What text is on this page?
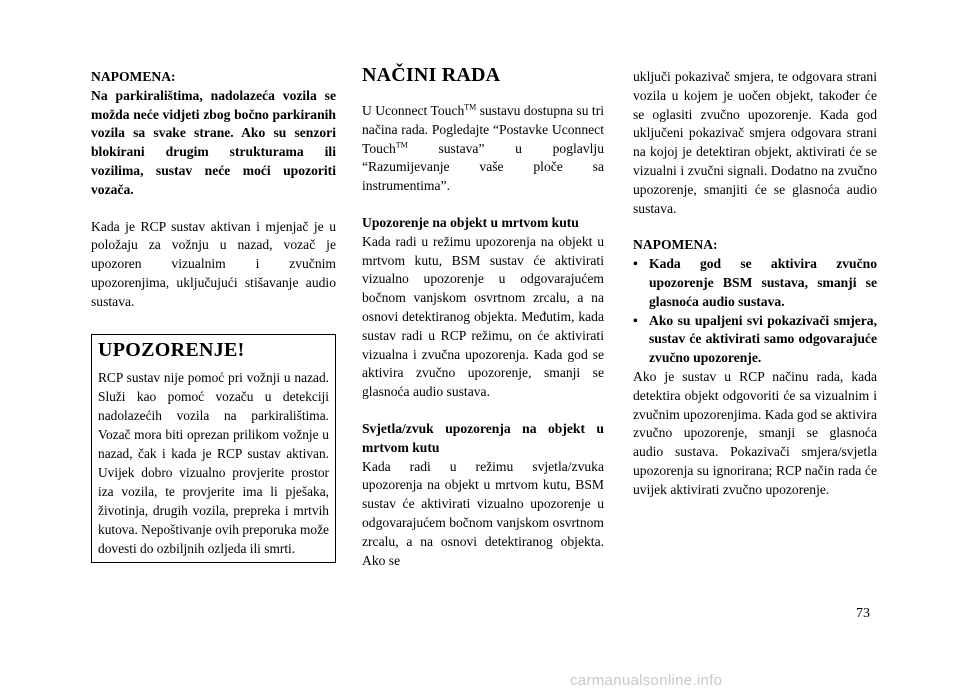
NAPOMENA:

Na parkiralištima, nadolazeća vozila se možda neće vidjeti zbog bočno parkiranih vozila sa svake strane. Ako su senzori blokirani drugim strukturama ili vozilima, sustav neće moći upozoriti vozača.

Kada je RCP sustav aktivan i mjenjač je u položaju za vožnju u nazad, vozač je upozoren vizualnim i zvučnim upozorenjima, uključujući stišavanje audio sustava.

UPOZORENJE!

RCP sustav nije pomoć pri vožnji u nazad. Služi kao pomoć vozaču u detekciji nadolazećih vozila na parkiralištima. Vozač mora biti oprezan prilikom vožnje u nazad, čak i kada je RCP sustav aktivan. Uvijek dobro vizualno provjerite prostor iza vozila, te provjerite ima li pješaka, životinja, drugih vozila, prepreka i mrtvih kutova. Nepoštivanje ovih preporuka može dovesti do ozbiljnih ozljeda ili smrti.

NAČINI RADA

U Uconnect Touch™ sustavu dostupna su tri načina rada. Pogledajte “Postavke Uconnect Touch™ sustava” u poglavlju “Razumijevanje vaše ploče sa instrumentima”.

Upozorenje na objekt u mrtvom kutu

Kada radi u režimu upozorenja na objekt u mrtvom kutu, BSM sustav će aktivirati vizualno upozorenje u odgovarajućem bočnom vanjskom osvrtnom zrcalu, a na osnovi detektiranog objekta. Međutim, kada sustav radi u RCP režimu, on će aktivirati vizualna i zvučna upozorenja. Kada god se aktivira zvučno upozorenje, smanji se glasnoća audio sustava.

Svjetla/zvuk upozorenja na objekt u mrtvom kutu

Kada radi u režimu svjetla/zvuka upozorenja na objekt u mrtvom kutu, BSM sustav će aktivirati vizualno upozorenje u odgovarajućem bočnom vanjskom osvrtnom zrcalu, a na osnovi detektiranog objekta. Ako se

uključi pokazivač smjera, te odgovara strani vozila u kojem je uočen objekt, također će se oglasiti zvučno upozorenje. Kada god uključeni pokazivač smjera odgovara strani na kojoj je detektiran objekt, aktivirati će se vizualni i zvučni signali. Dodatno na zvučno upozorenje, smanjiti će se glasnoća audio sustava.

NAPOMENA:

• Kada god se aktivira zvučno upozorenje BSM sustava, smanji se glasnoća audio sustava.
• Ako su upaljeni svi pokazivači smjera, sustav će aktivirati samo odgovarajuće zvučno upozorenje.

Ako je sustav u RCP načinu rada, kada detektira objekt odgovoriti će sa vizualnim i zvučnim upozorenjima. Kada god se aktivira zvučno upozorenje, smanji se glasnoća audio sustava. Pokazivači smjera/svjetla upozorenja su ignorirana; RCP način rada će uvijek aktivirati zvučno upozorenje.

73
carmanualsonline.info
